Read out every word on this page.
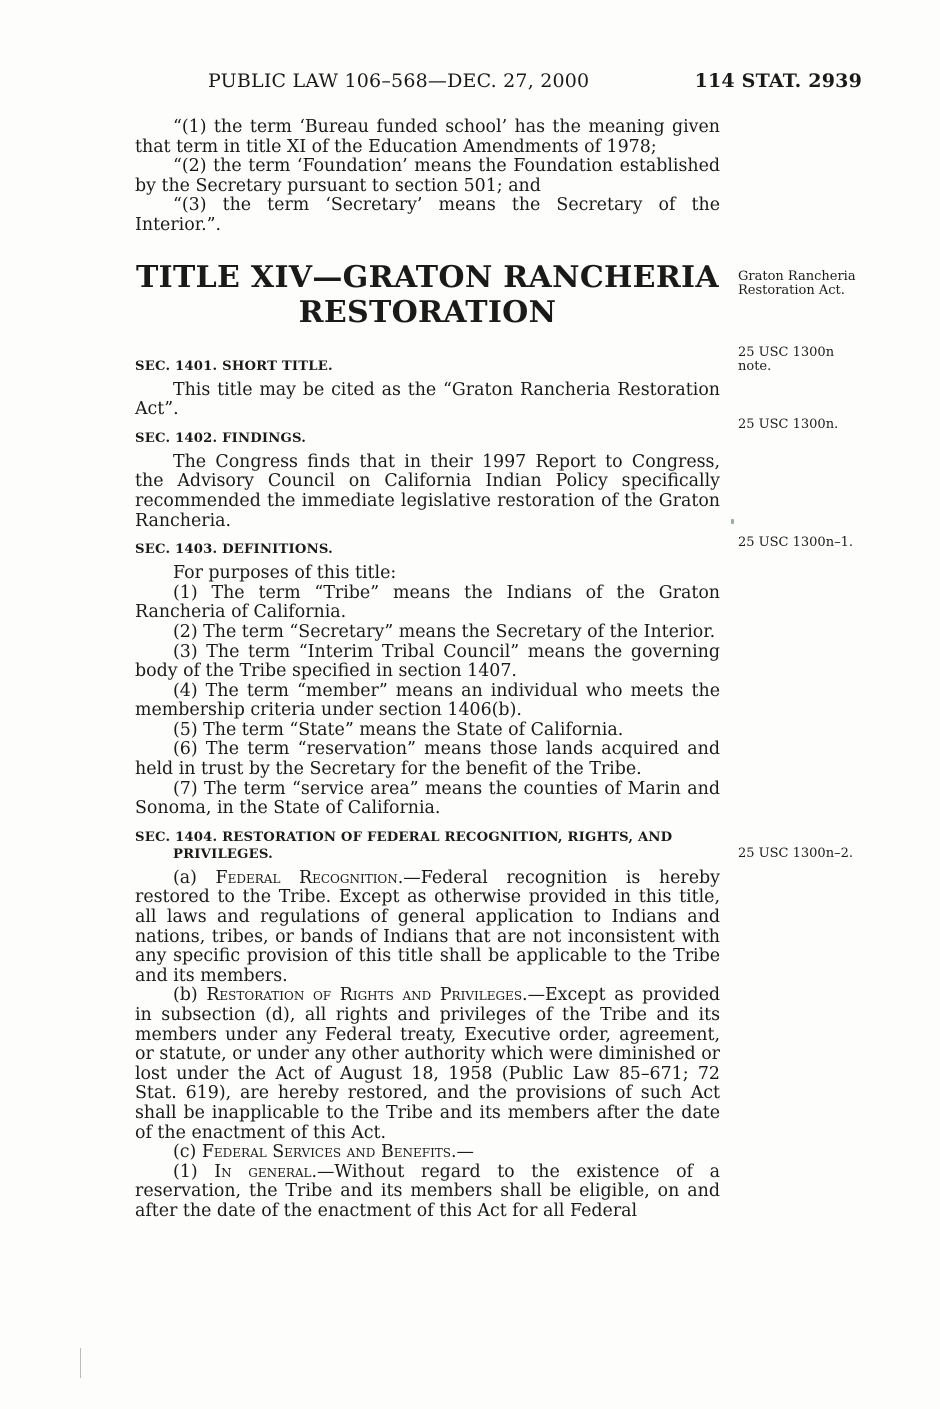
PUBLIC LAW 106–568—DEC. 27, 2000	114 STAT. 2939

“(1) the term ‘Bureau funded school’ has the meaning given that term in title XI of the Education Amendments of 1978;

“(2) the term ‘Foundation’ means the Foundation established by the Secretary pursuant to section 501; and

“(3) the term ‘Secretary’ means the Secretary of the Interior.”.

TITLE XIV—GRATON RANCHERIA
RESTORATION

SEC. 1401. SHORT TITLE.

This title may be cited as the “Graton Rancheria Restoration Act”.

SEC. 1402. FINDINGS.

The Congress finds that in their 1997 Report to Congress, the Advisory Council on California Indian Policy specifically recommended the immediate legislative restoration of the Graton Rancheria.

SEC. 1403. DEFINITIONS.

For purposes of this title:

(1) The term “Tribe” means the Indians of the Graton Rancheria of California.

(2) The term “Secretary” means the Secretary of the Interior.

(3) The term “Interim Tribal Council” means the governing body of the Tribe specified in section 1407.

(4) The term “member” means an individual who meets the membership criteria under section 1406(b).

(5) The term “State” means the State of California.

(6) The term “reservation” means those lands acquired and held in trust by the Secretary for the benefit of the Tribe.

(7) The term “service area” means the counties of Marin and Sonoma, in the State of California.

SEC. 1404. RESTORATION OF FEDERAL RECOGNITION, RIGHTS, AND PRIVILEGES.

(a) Federal Recognition.—Federal recognition is hereby restored to the Tribe. Except as otherwise provided in this title, all laws and regulations of general application to Indians and nations, tribes, or bands of Indians that are not inconsistent with any specific provision of this title shall be applicable to the Tribe and its members.

(b) Restoration of Rights and Privileges.—Except as provided in subsection (d), all rights and privileges of the Tribe and its members under any Federal treaty, Executive order, agreement, or statute, or under any other authority which were diminished or lost under the Act of August 18, 1958 (Public Law 85–671; 72 Stat. 619), are hereby restored, and the provisions of such Act shall be inapplicable to the Tribe and its members after the date of the enactment of this Act.

(c) Federal Services and Benefits.—

(1) In general.—Without regard to the existence of a reservation, the Tribe and its members shall be eligible, on and after the date of the enactment of this Act for all Federal

Graton Rancheria Restoration Act.
25 USC 1300n note.
25 USC 1300n.
25 USC 1300n–1.
25 USC 1300n–2.
